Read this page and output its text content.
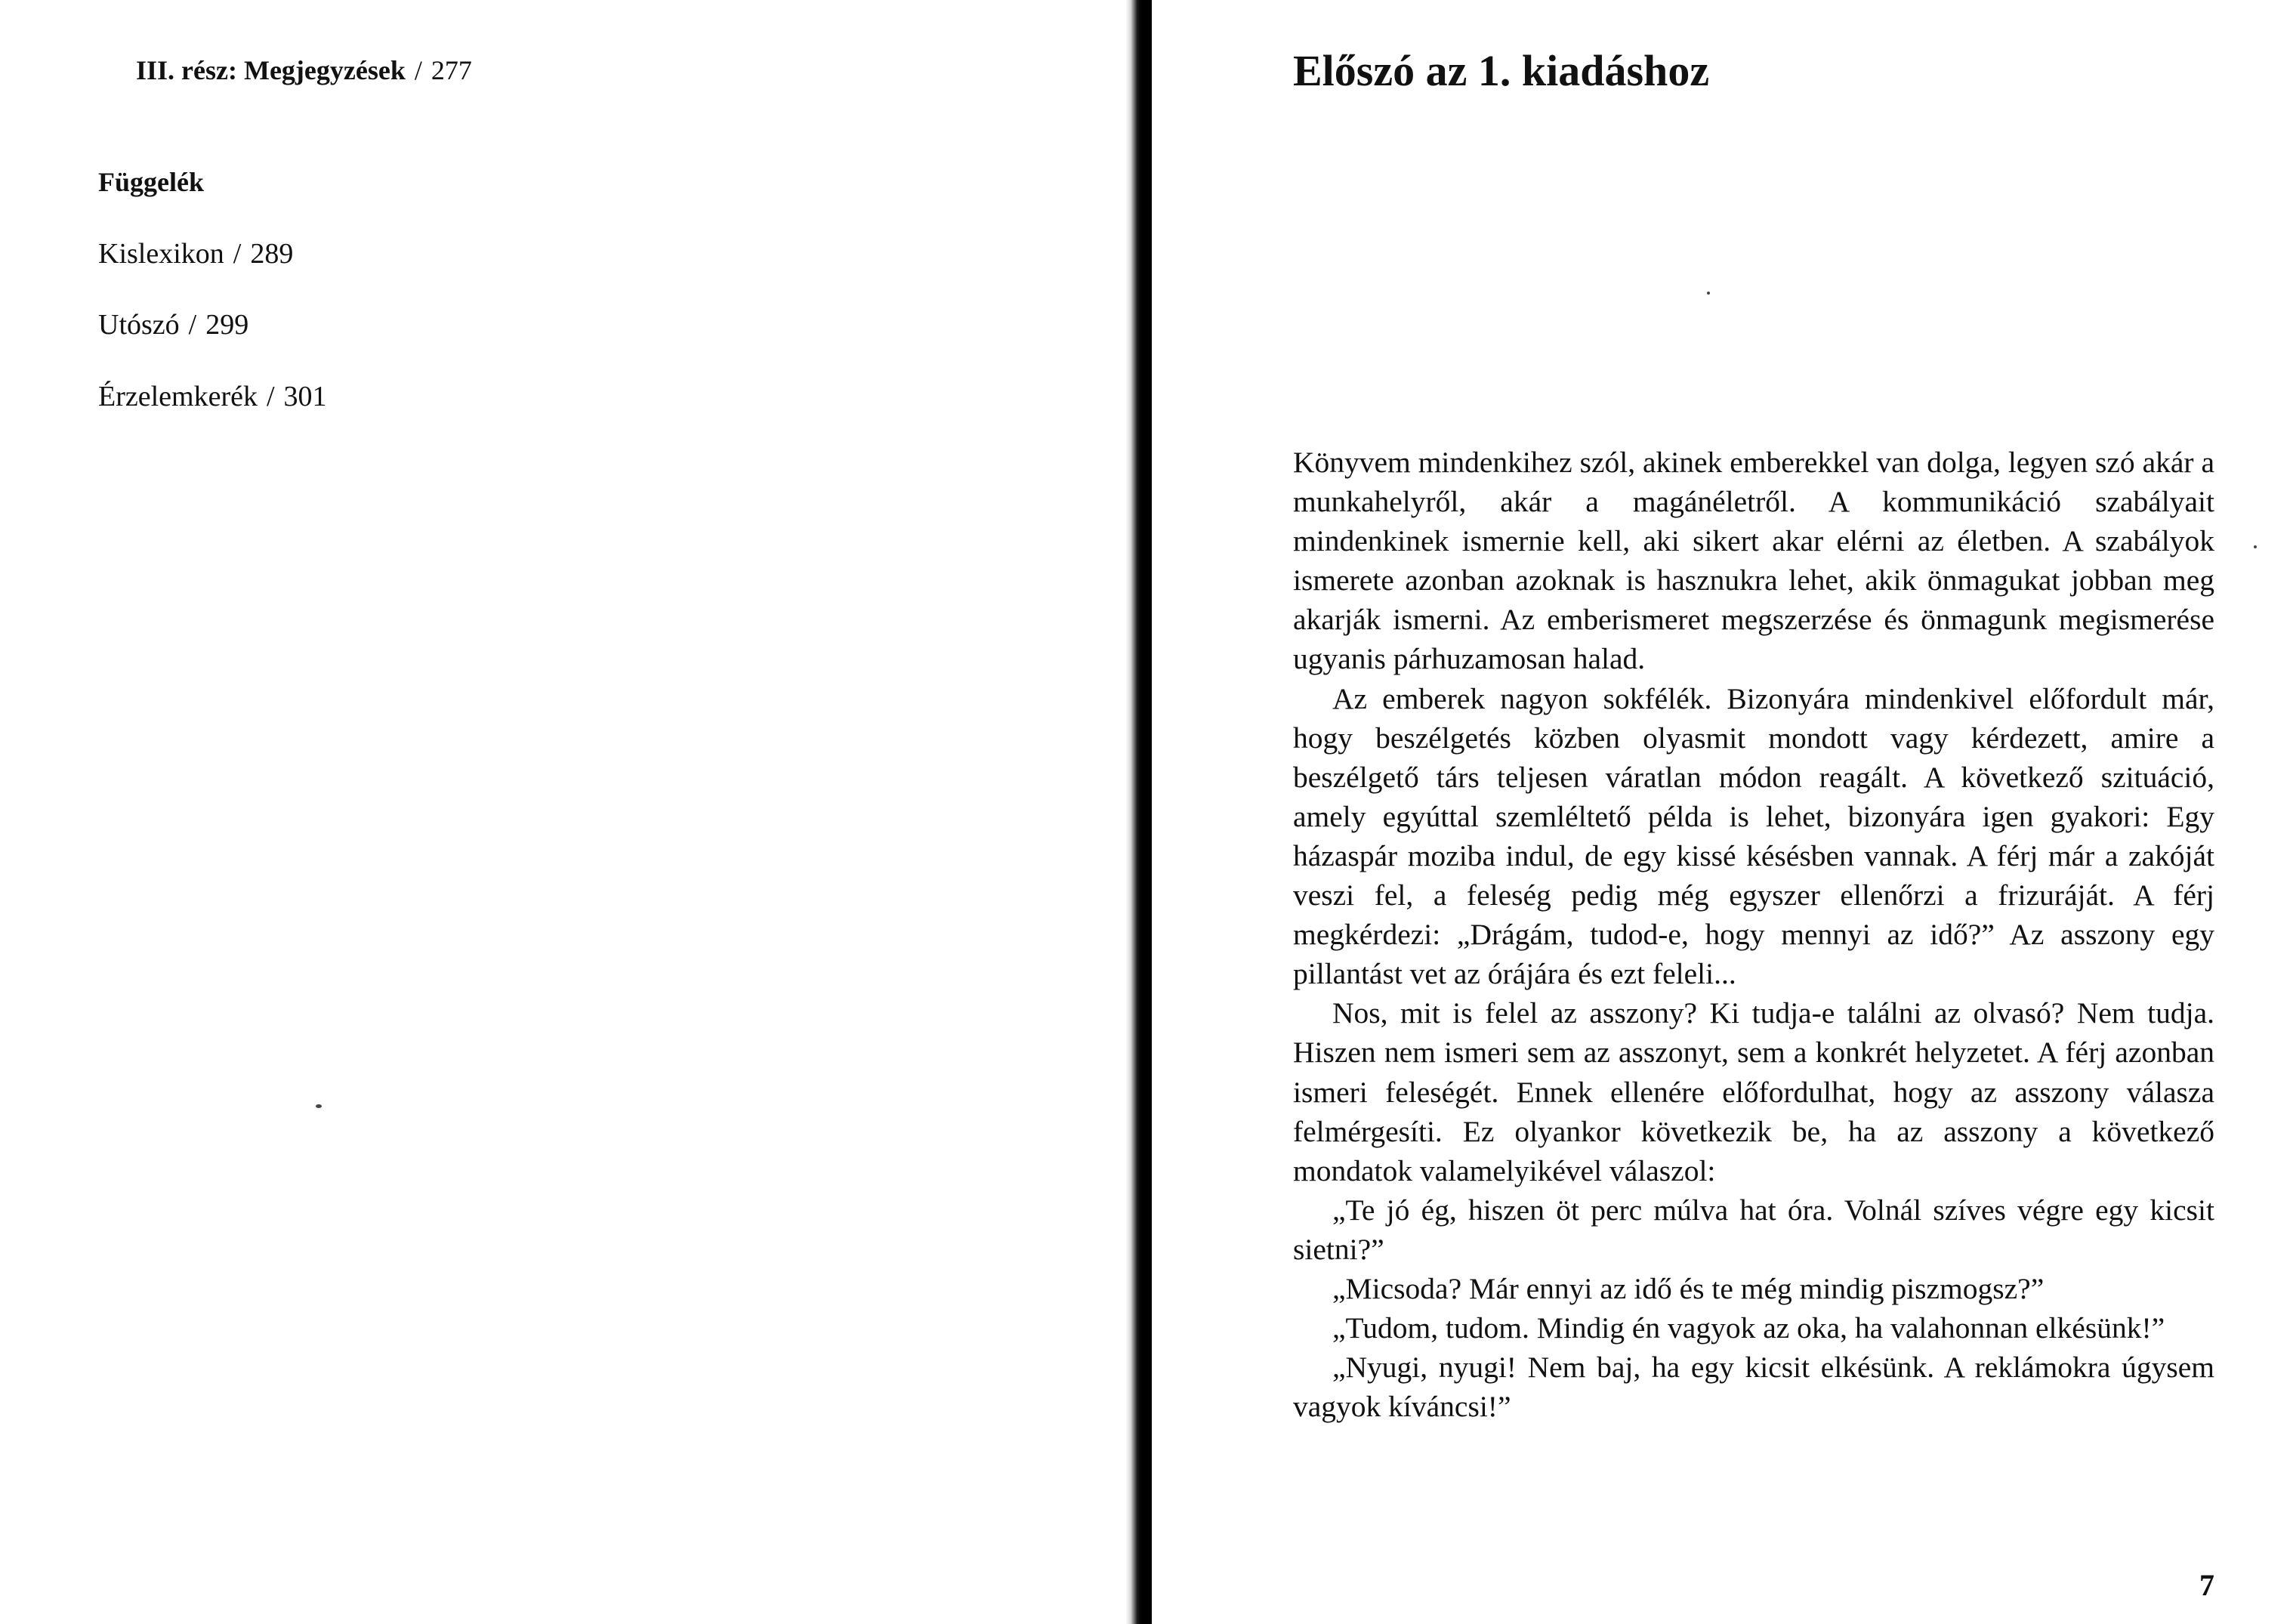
III. rész: Megjegyzések / 277
Függelék
Kislexikon / 289
Utószó / 299
Érzelemkerék / 301
Előszó az 1. kiadáshoz

Könyvem mindenkihez szól, akinek emberekkel van dolga, legyen szó akár a munkahelyről, akár a magánéletről. A kommunikáció szabályait mindenkinek ismernie kell, aki sikert akar elérni az életben. A szabályok ismerete azonban azoknak is hasznukra lehet, akik önmagukat jobban meg akarják ismerni. Az emberismeret megszerzése és önmagunk megismerése ugyanis párhuzamosan halad.

Az emberek nagyon sokfélék. Bizonyára mindenkivel előfordult már, hogy beszélgetés közben olyasmit mondott vagy kérdezett, amire a beszélgető társ teljesen váratlan módon reagált. A következő szituáció, amely egyúttal szemléltető példa is lehet, bizonyára igen gyakori: Egy házaspár moziba indul, de egy kissé késésben vannak. A férj már a zakóját veszi fel, a feleség pedig még egyszer ellenőrzi a frizuráját. A férj megkérdezi: „Drágám, tudod-e, hogy mennyi az idő?” Az asszony egy pillantást vet az órájára és ezt feleli...

Nos, mit is felel az asszony? Ki tudja-e találni az olvasó? Nem tudja. Hiszen nem ismeri sem az asszonyt, sem a konkrét helyzetet. A férj azonban ismeri feleségét. Ennek ellenére előfordulhat, hogy az asszony válasza felmérgesíti. Ez olyankor következik be, ha az asszony a következő mondatok valamelyikével válaszol:

„Te jó ég, hiszen öt perc múlva hat óra. Volnál szíves végre egy kicsit sietni?”

„Micsoda? Már ennyi az idő és te még mindig piszmogsz?”

„Tudom, tudom. Mindig én vagyok az oka, ha valahonnan elkésünk!”

„Nyugi, nyugi! Nem baj, ha egy kicsit elkésünk. A reklámokra úgysem vagyok kíváncsi!”

7
